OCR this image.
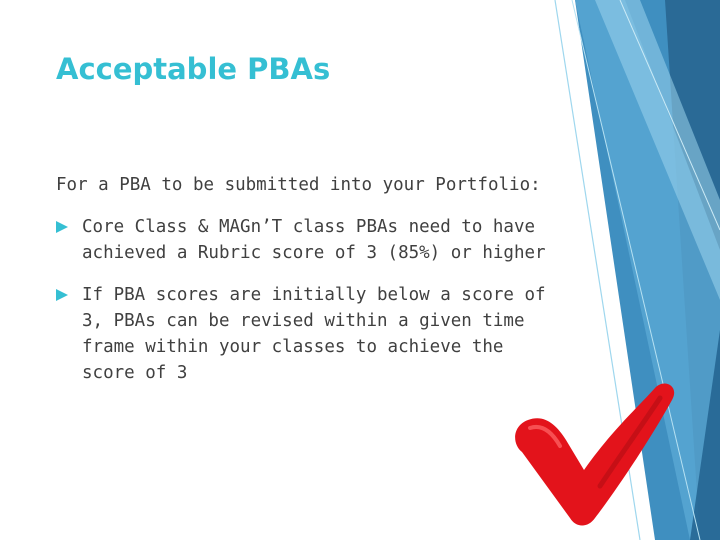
Acceptable PBAs

For a PBA to be submitted into your Portfolio:

Core Class & MAGn’T class PBAs need to have achieved a Rubric score of 3 (85%) or higher
If PBA scores are initially below a score of 3, PBAs can be revised within a given time frame within your classes to achieve the score of 3
